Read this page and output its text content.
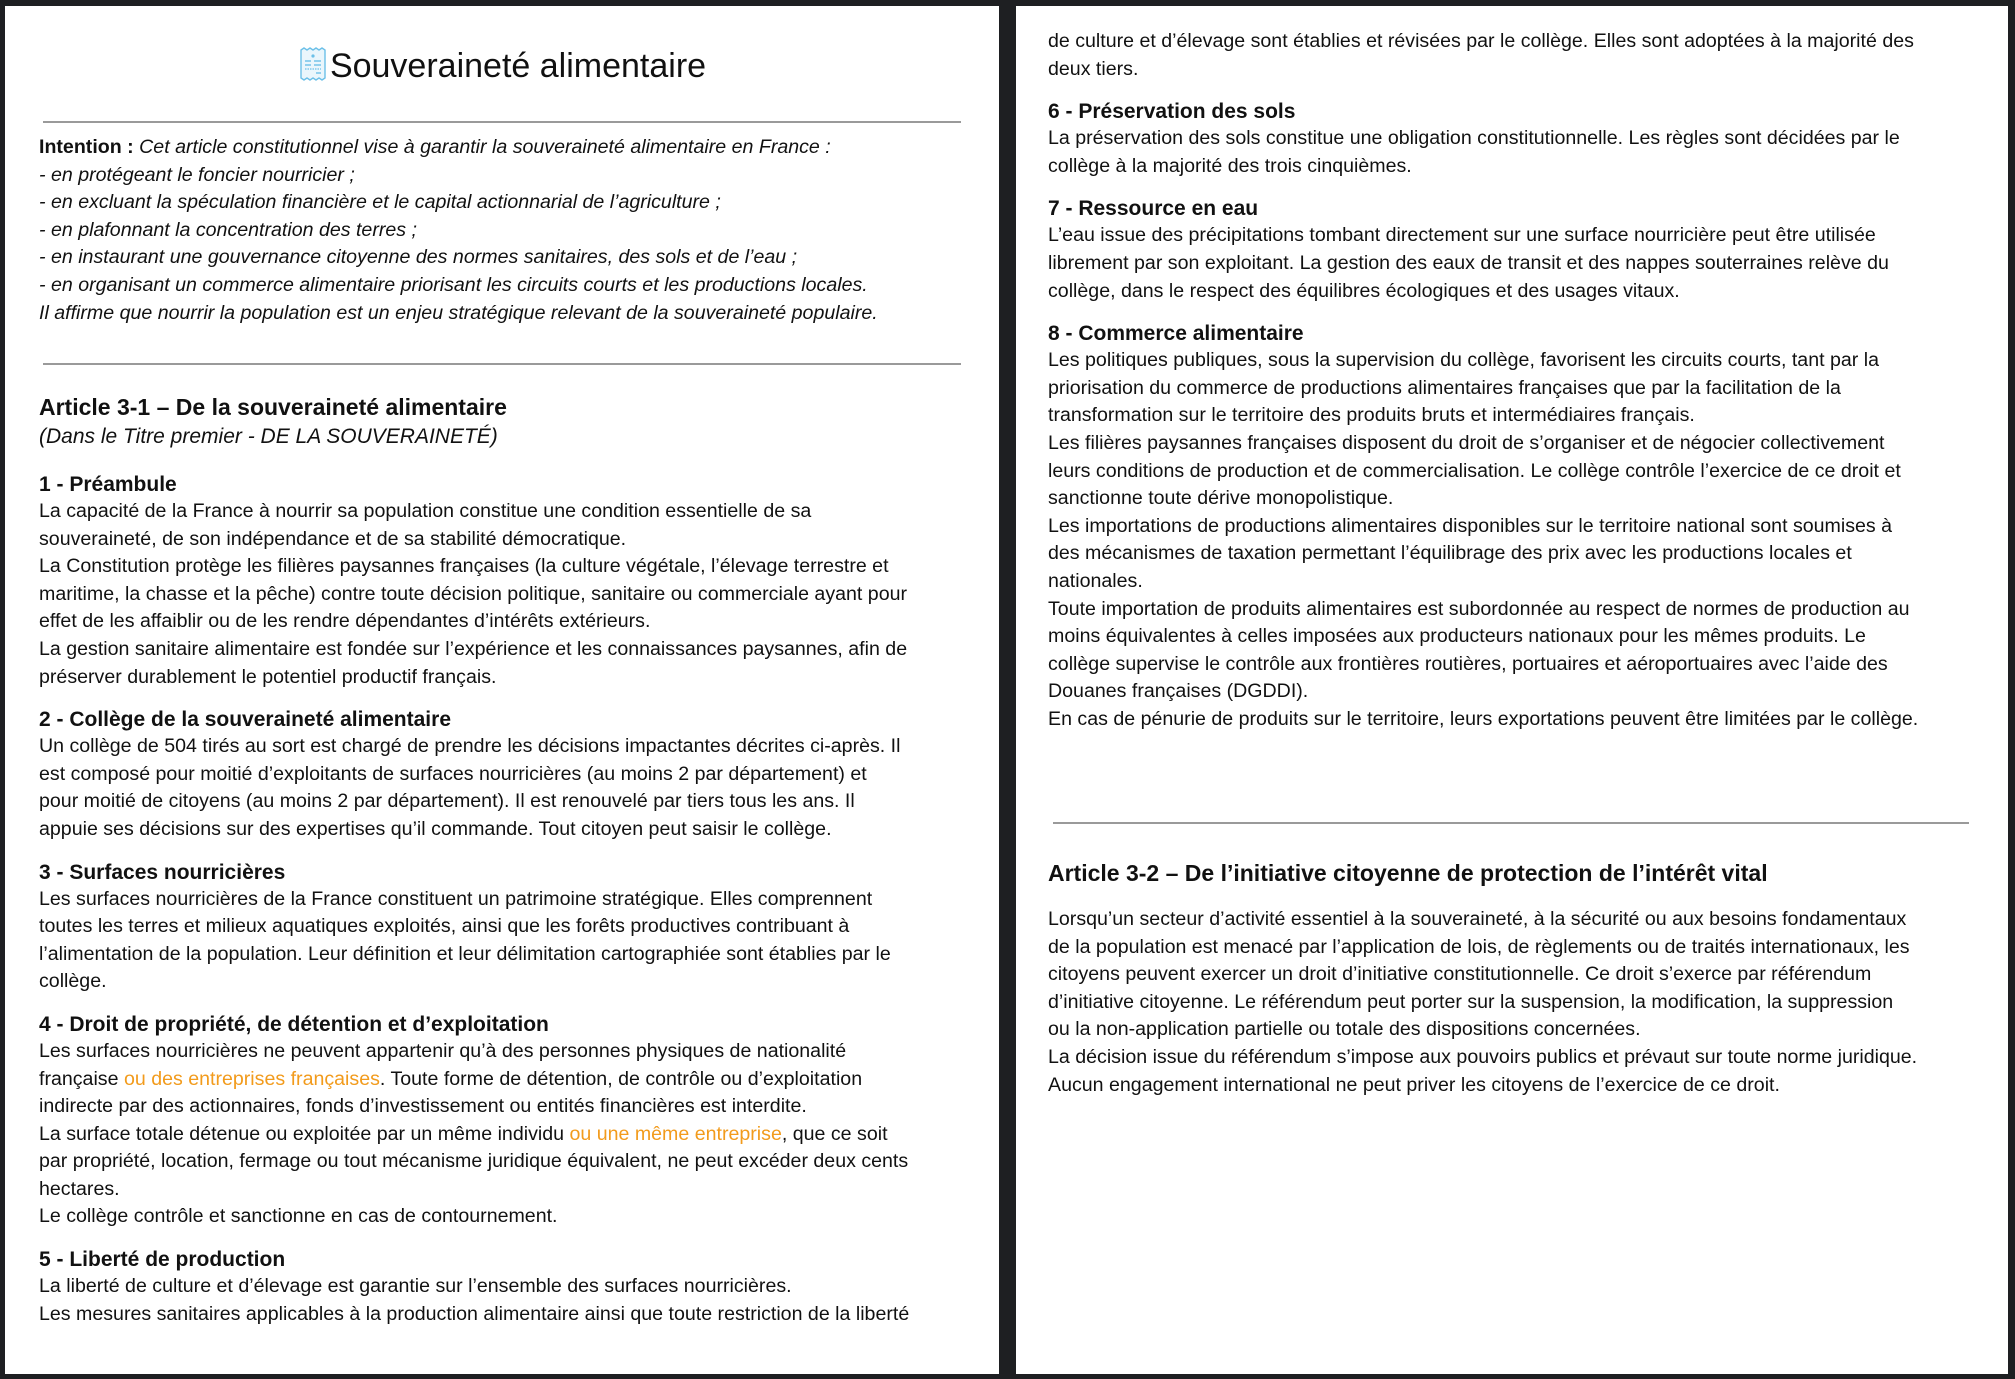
Souveraineté alimentaire
Intention : Cet article constitutionnel vise à garantir la souveraineté alimentaire en France :
- en protégeant le foncier nourricier ;
- en excluant la spéculation financière et le capital actionnarial de l’agriculture ;
- en plafonnant la concentration des terres ;
- en instaurant une gouvernance citoyenne des normes sanitaires, des sols et de l’eau ;
- en organisant un commerce alimentaire priorisant les circuits courts et les productions locales.
Il affirme que nourrir la population est un enjeu stratégique relevant de la souveraineté populaire.
Article 3-1 – De la souveraineté alimentaire
(Dans le Titre premier - DE LA SOUVERAINETÉ)
1 - Préambule

La capacité de la France à nourrir sa population constitue une condition essentielle de sa

souveraineté, de son indépendance et de sa stabilité démocratique.

La Constitution protège les filières paysannes françaises (la culture végétale, l’élevage terrestre et

maritime, la chasse et la pêche) contre toute décision politique, sanitaire ou commerciale ayant pour

effet de les affaiblir ou de les rendre dépendantes d’intérêts extérieurs.

La gestion sanitaire alimentaire est fondée sur l’expérience et les connaissances paysannes, afin de

préserver durablement le potentiel productif français.

2 - Collège de la souveraineté alimentaire

Un collège de 504 tirés au sort est chargé de prendre les décisions impactantes décrites ci-après. Il

est composé pour moitié d’exploitants de surfaces nourricières (au moins 2 par département) et

pour moitié de citoyens (au moins 2 par département). Il est renouvelé par tiers tous les ans. Il

appuie ses décisions sur des expertises qu’il commande. Tout citoyen peut saisir le collège.

3 - Surfaces nourricières

Les surfaces nourricières de la France constituent un patrimoine stratégique. Elles comprennent

toutes les terres et milieux aquatiques exploités, ainsi que les forêts productives contribuant à

l’alimentation de la population. Leur définition et leur délimitation cartographiée sont établies par le

collège.

4 - Droit de propriété, de détention et d’exploitation

Les surfaces nourricières ne peuvent appartenir qu’à des personnes physiques de nationalité

française ou des entreprises françaises. Toute forme de détention, de contrôle ou d’exploitation

indirecte par des actionnaires, fonds d’investissement ou entités financières est interdite.

La surface totale détenue ou exploitée par un même individu ou une même entreprise, que ce soit

par propriété, location, fermage ou tout mécanisme juridique équivalent, ne peut excéder deux cents

hectares.

Le collège contrôle et sanctionne en cas de contournement.

5 - Liberté de production

La liberté de culture et d’élevage est garantie sur l’ensemble des surfaces nourricières.

Les mesures sanitaires applicables à la production alimentaire ainsi que toute restriction de la liberté

de culture et d’élevage sont établies et révisées par le collège. Elles sont adoptées à la majorité des

deux tiers.

6 - Préservation des sols

La préservation des sols constitue une obligation constitutionnelle. Les règles sont décidées par le

collège à la majorité des trois cinquièmes.

7 - Ressource en eau

L’eau issue des précipitations tombant directement sur une surface nourricière peut être utilisée

librement par son exploitant. La gestion des eaux de transit et des nappes souterraines relève du

collège, dans le respect des équilibres écologiques et des usages vitaux.

8 - Commerce alimentaire

Les politiques publiques, sous la supervision du collège, favorisent les circuits courts, tant par la

priorisation du commerce de productions alimentaires françaises que par la facilitation de la

transformation sur le territoire des produits bruts et intermédiaires français.

Les filières paysannes françaises disposent du droit de s’organiser et de négocier collectivement

leurs conditions de production et de commercialisation. Le collège contrôle l’exercice de ce droit et

sanctionne toute dérive monopolistique.

Les importations de productions alimentaires disponibles sur le territoire national sont soumises à

des mécanismes de taxation permettant l’équilibrage des prix avec les productions locales et

nationales.

Toute importation de produits alimentaires est subordonnée au respect de normes de production au

moins équivalentes à celles imposées aux producteurs nationaux pour les mêmes produits. Le

collège supervise le contrôle aux frontières routières, portuaires et aéroportuaires avec l’aide des

Douanes françaises (DGDDI).

En cas de pénurie de produits sur le territoire, leurs exportations peuvent être limitées par le collège.

Article 3-2 – De l’initiative citoyenne de protection de l’intérêt vital

Lorsqu’un secteur d’activité essentiel à la souveraineté, à la sécurité ou aux besoins fondamentaux

de la population est menacé par l’application de lois, de règlements ou de traités internationaux, les

citoyens peuvent exercer un droit d’initiative constitutionnelle. Ce droit s’exerce par référendum

d’initiative citoyenne. Le référendum peut porter sur la suspension, la modification, la suppression

ou la non-application partielle ou totale des dispositions concernées.

La décision issue du référendum s’impose aux pouvoirs publics et prévaut sur toute norme juridique.

Aucun engagement international ne peut priver les citoyens de l’exercice de ce droit.
